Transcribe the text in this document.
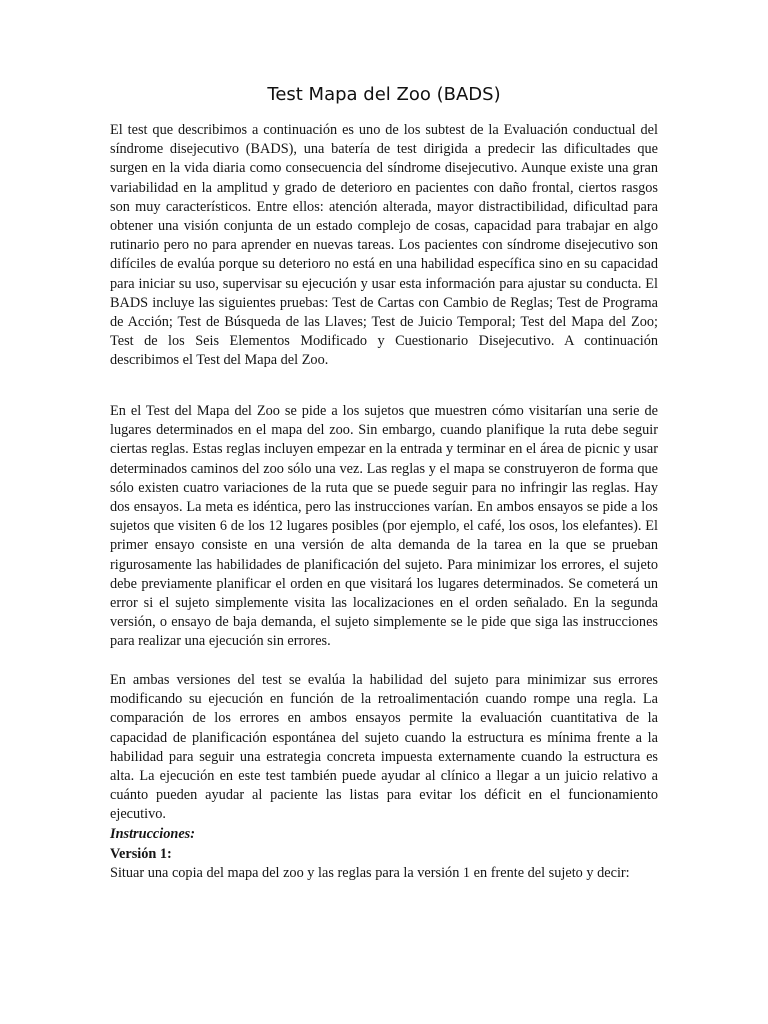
Test Mapa del Zoo (BADS)

El test que describimos a continuación es uno de los subtest de la Evaluación conductual del síndrome disejecutivo (BADS), una batería de test dirigida a predecir las dificultades que surgen en la vida diaria como consecuencia del síndrome disejecutivo. Aunque existe una gran variabilidad en la amplitud y grado de deterioro en pacientes con daño frontal, ciertos rasgos son muy característicos. Entre ellos: atención alterada, mayor distractibilidad, dificultad para obtener una visión conjunta de un estado complejo de cosas, capacidad para trabajar en algo rutinario pero no para aprender en nuevas tareas. Los pacientes con síndrome disejecutivo son difíciles de evalúa porque su deterioro no está en una habilidad específica sino en su capacidad para iniciar su uso, supervisar su ejecución y usar esta información para ajustar su conducta. El BADS incluye las siguientes pruebas: Test de Cartas con Cambio de Reglas; Test de Programa de Acción; Test de Búsqueda de las Llaves; Test de Juicio Temporal; Test del Mapa del Zoo; Test de los Seis Elementos Modificado y Cuestionario Disejecutivo. A continuación describimos el Test del Mapa del Zoo.

En el Test del Mapa del Zoo se pide a los sujetos que muestren cómo visitarían una serie de lugares determinados en el mapa del zoo. Sin embargo, cuando planifique la ruta debe seguir ciertas reglas. Estas reglas incluyen empezar en la entrada y terminar en el área de picnic y usar determinados caminos del zoo sólo una vez. Las reglas y el mapa se construyeron de forma que sólo existen cuatro variaciones de la ruta que se puede seguir para no infringir las reglas. Hay dos ensayos. La meta es idéntica, pero las instrucciones varían. En ambos ensayos se pide a los sujetos que visiten 6 de los 12 lugares posibles (por ejemplo, el café, los osos, los elefantes). El primer ensayo consiste en una versión de alta demanda de la tarea en la que se prueban rigurosamente las habilidades de planificación del sujeto. Para minimizar los errores, el sujeto debe previamente planificar el orden en que visitará los lugares determinados. Se cometerá un error si el sujeto simplemente visita las localizaciones en el orden señalado. En la segunda versión, o ensayo de baja demanda, el sujeto simplemente se le pide que siga las instrucciones para realizar una ejecución sin errores.

En ambas versiones del test se evalúa la habilidad del sujeto para minimizar sus errores modificando su ejecución en función de la retroalimentación cuando rompe una regla. La comparación de los errores en ambos ensayos permite la evaluación cuantitativa de la capacidad de planificación espontánea del sujeto cuando la estructura es mínima frente a la habilidad para seguir una estrategia concreta impuesta externamente cuando la estructura es alta. La ejecución en este test también puede ayudar al clínico a llegar a un juicio relativo a cuánto pueden ayudar al paciente las listas para evitar los déficit en el funcionamiento ejecutivo.

Instrucciones:
Versión 1:

Situar una copia del mapa del zoo y las reglas para la versión 1 en frente del sujeto y decir:
